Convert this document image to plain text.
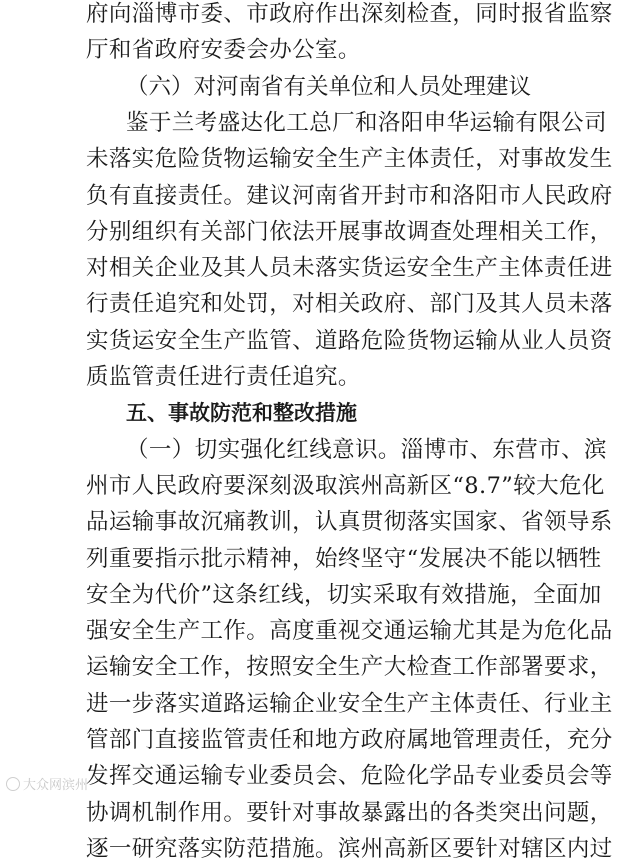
府向淄博市委、市政府作出深刻检查，同时报省监察
厅和省政府安委会办公室。
（六）对河南省有关单位和人员处理建议
鉴于兰考盛达化工总厂和洛阳申华运输有限公司
未落实危险货物运输安全生产主体责任，对事故发生
负有直接责任。建议河南省开封市和洛阳市人民政府
分别组织有关部门依法开展事故调查处理相关工作，
对相关企业及其人员未落实货运安全生产主体责任进
行责任追究和处罚，对相关政府、部门及其人员未落
实货运安全生产监管、道路危险货物运输从业人员资
质监管责任进行责任追究。
五、事故防范和整改措施
（一）切实强化红线意识。淄博市、东营市、滨
州市人民政府要深刻汲取滨州高新区“8.7”较大危化
品运输事故沉痛教训，认真贯彻落实国家、省领导系
列重要指示批示精神，始终坚守“发展决不能以牺牲
安全为代价”这条红线，切实采取有效措施，全面加
强安全生产工作。高度重视交通运输尤其是为危化品
运输安全工作，按照安全生产大检查工作部署要求，
进一步落实道路运输企业安全生产主体责任、行业主
管部门直接监管责任和地方政府属地管理责任，充分
发挥交通运输专业委员会、危险化学品专业委员会等
协调机制作用。要针对事故暴露出的各类突出问题，
逐一研究落实防范措施。滨州高新区要针对辖区内过
大众网滨州
